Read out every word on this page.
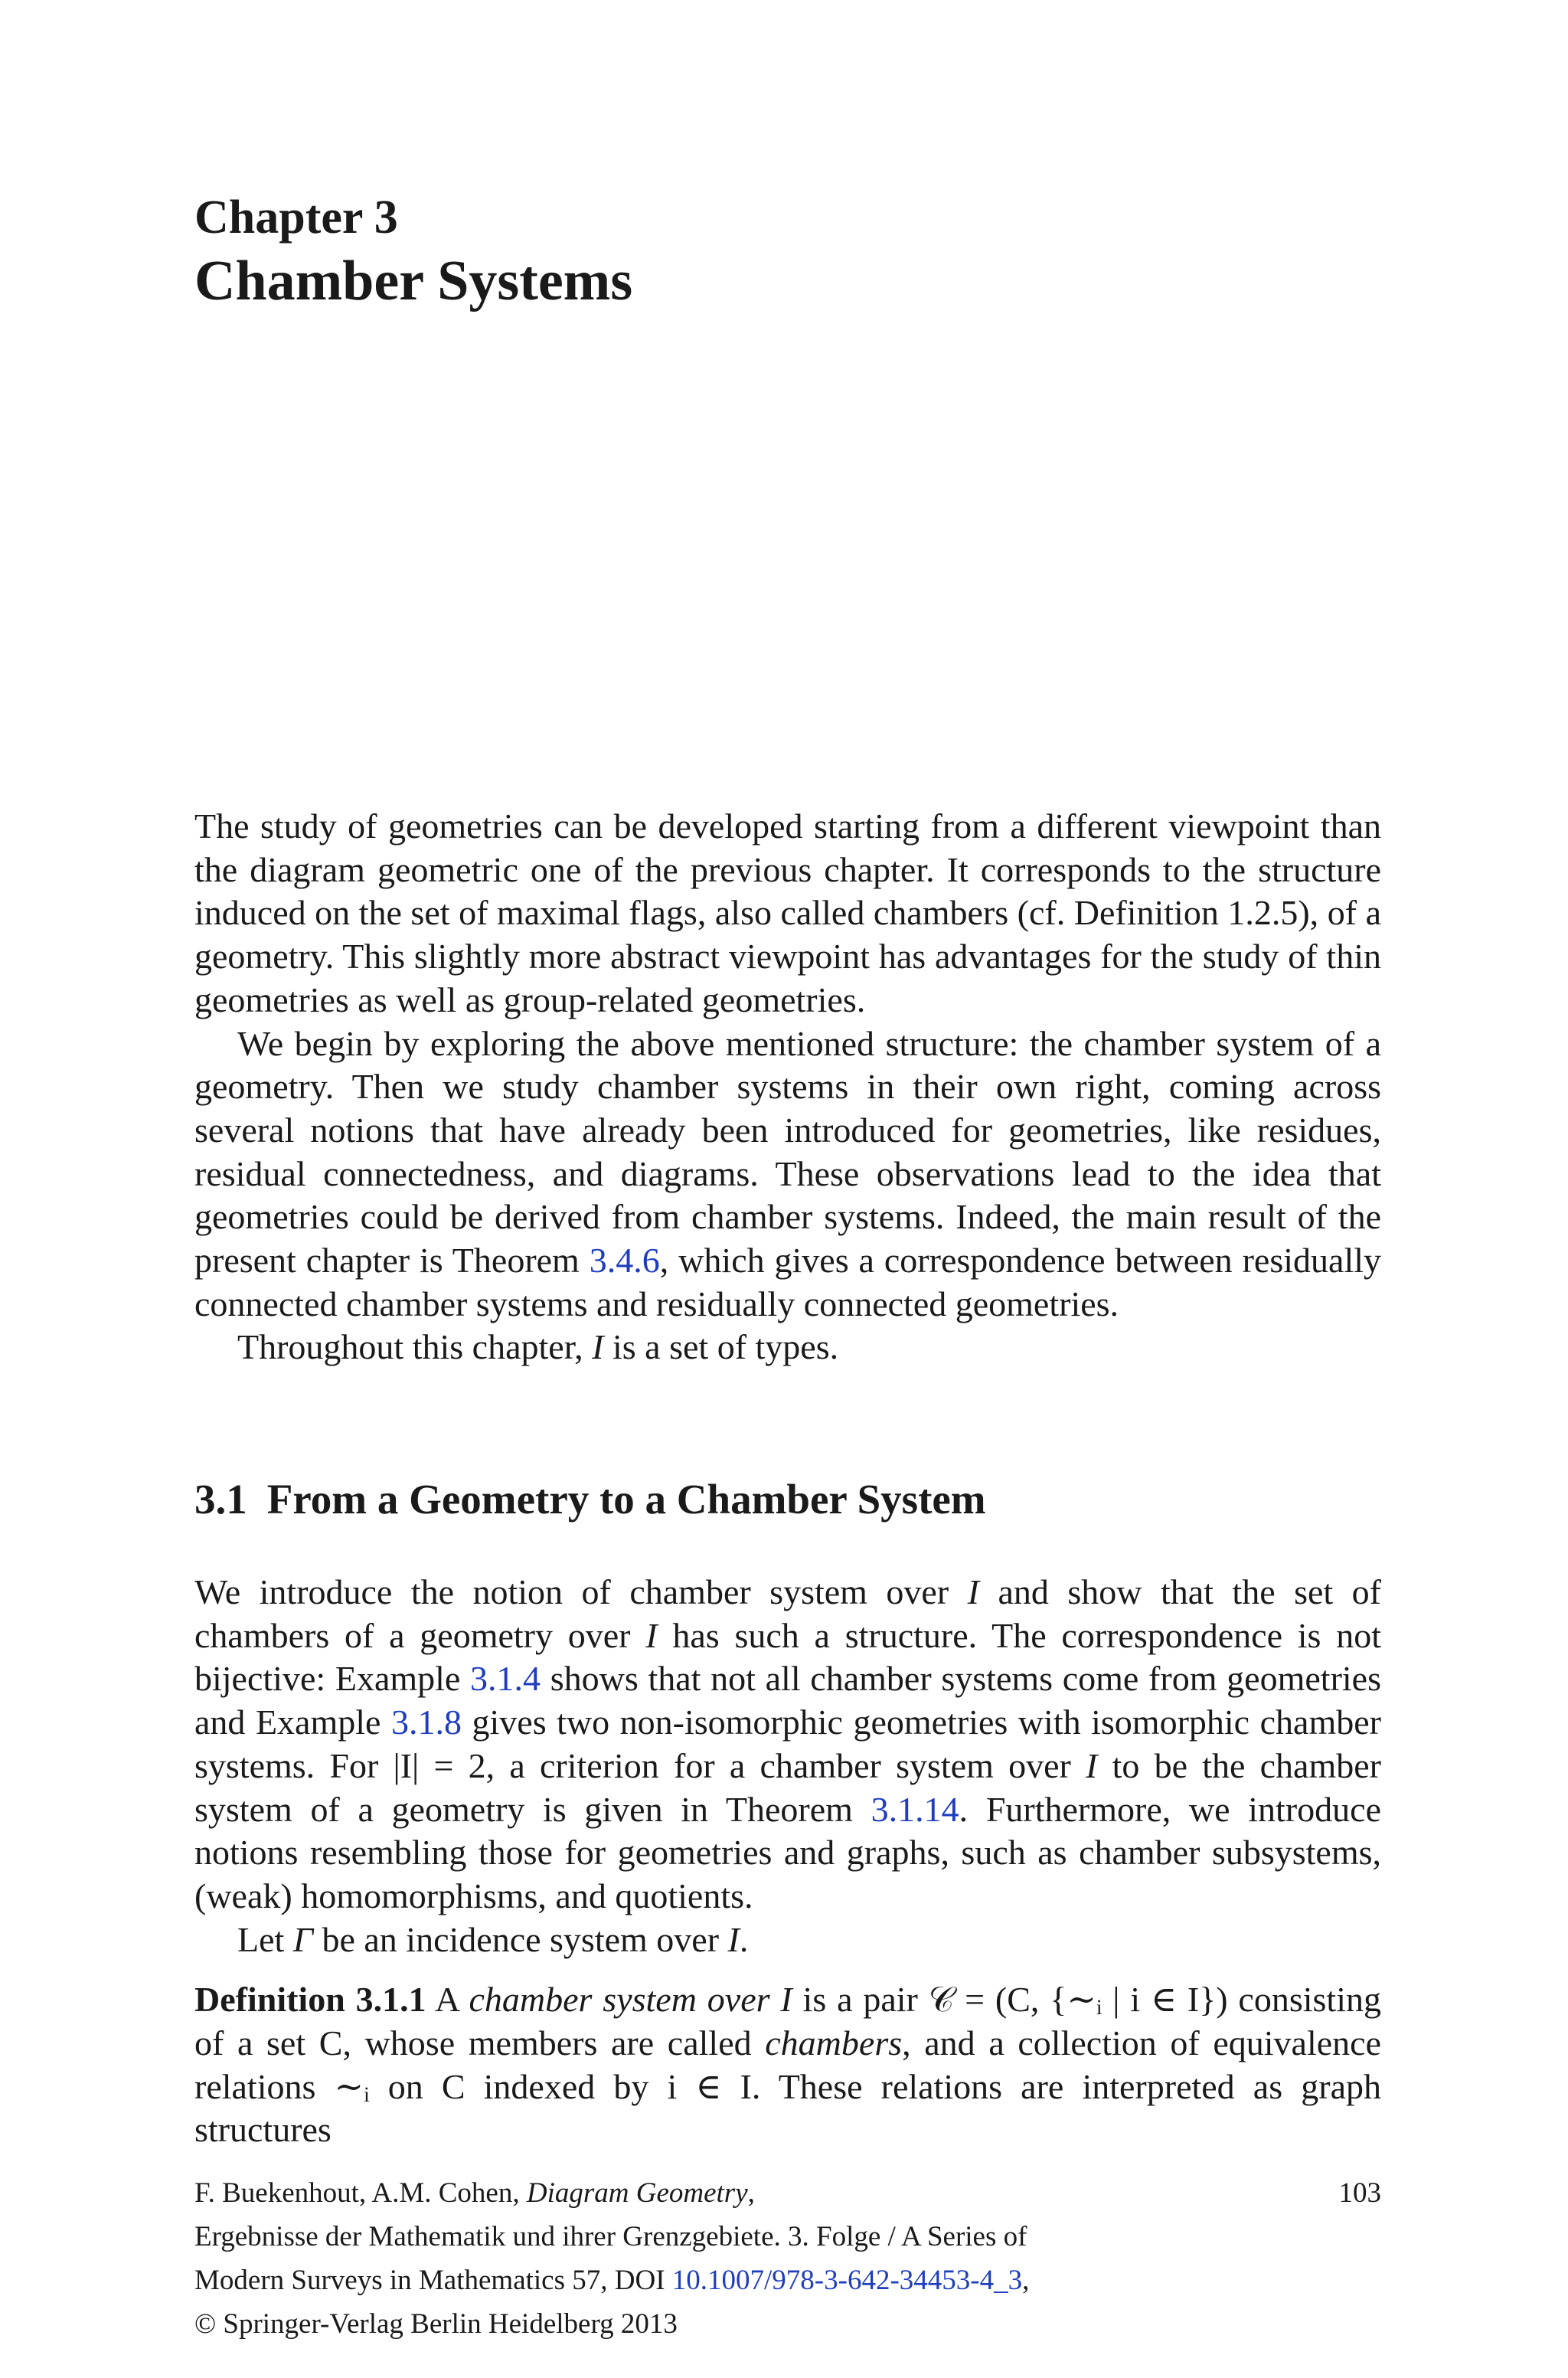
Chapter 3
Chamber Systems

The study of geometries can be developed starting from a different viewpoint than the diagram geometric one of the previous chapter. It corresponds to the structure induced on the set of maximal flags, also called chambers (cf. Definition 1.2.5), of a geometry. This slightly more abstract viewpoint has advantages for the study of thin geometries as well as group-related geometries.

We begin by exploring the above mentioned structure: the chamber system of a geometry. Then we study chamber systems in their own right, coming across several notions that have already been introduced for geometries, like residues, residual connectedness, and diagrams. These observations lead to the idea that geometries could be derived from chamber systems. Indeed, the main result of the present chapter is Theorem 3.4.6, which gives a correspondence between residually connected chamber systems and residually connected geometries.

Throughout this chapter, I is a set of types.

3.1 From a Geometry to a Chamber System

We introduce the notion of chamber system over I and show that the set of chambers of a geometry over I has such a structure. The correspondence is not bijective: Example 3.1.4 shows that not all chamber systems come from geometries and Example 3.1.8 gives two non-isomorphic geometries with isomorphic chamber systems. For |I| = 2, a criterion for a chamber system over I to be the chamber system of a geometry is given in Theorem 3.1.14. Furthermore, we introduce notions resembling those for geometries and graphs, such as chamber subsystems, (weak) homomorphisms, and quotients.

Let Γ be an incidence system over I.

Definition 3.1.1 A chamber system over I is a pair 𝒞 = (C, {∼ᵢ | i ∈ I}) consisting of a set C, whose members are called chambers, and a collection of equivalence relations ∼ᵢ on C indexed by i ∈ I. These relations are interpreted as graph structures

F. Buekenhout, A.M. Cohen, Diagram Geometry,
Ergebnisse der Mathematik und ihrer Grenzgebiete. 3. Folge / A Series of
Modern Surveys in Mathematics 57, DOI 10.1007/978-3-642-34453-4_3,
© Springer-Verlag Berlin Heidelberg 2013
103
